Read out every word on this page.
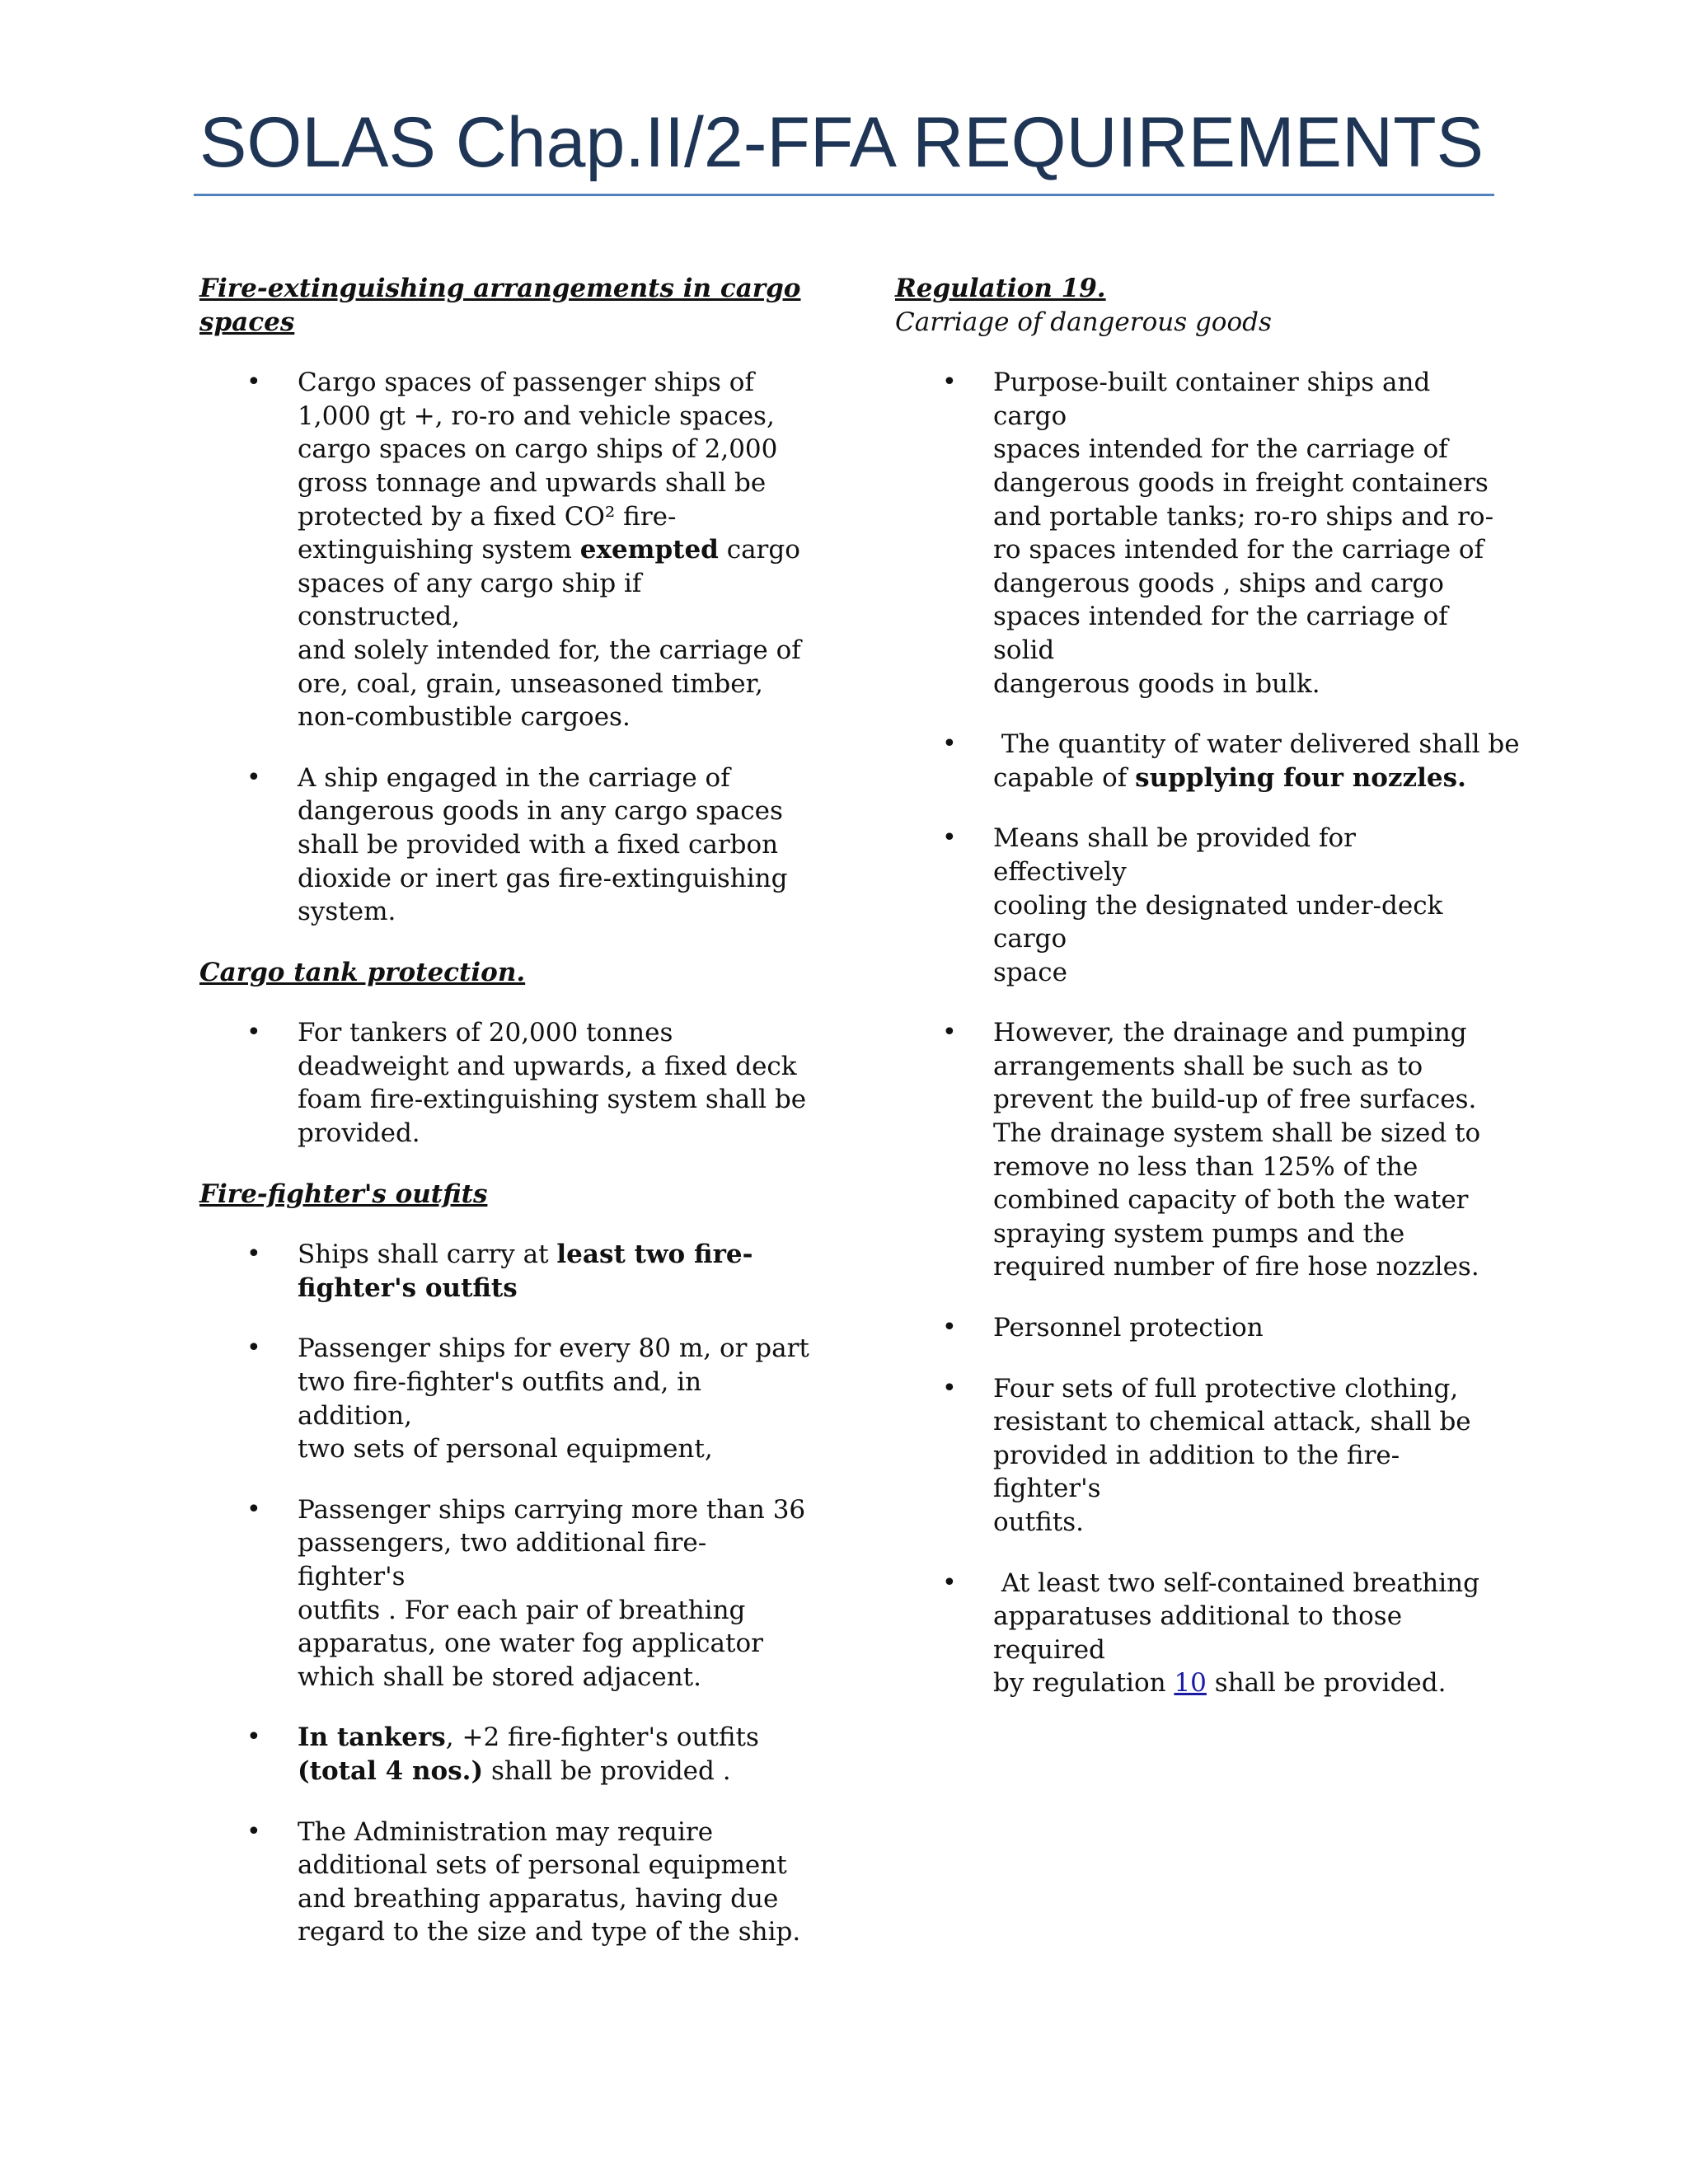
SOLAS Chap.II/2-FFA REQUIREMENTS

Fire-extinguishing arrangements in cargo
spaces

• Cargo spaces of passenger ships of
1,000 gt +, ro-ro and vehicle spaces,
cargo spaces on cargo ships of 2,000
gross tonnage and upwards shall be
protected by a fixed CO² fire-
extinguishing system exempted cargo
spaces of any cargo ship if constructed,
and solely intended for, the carriage of
ore, coal, grain, unseasoned timber,
non-combustible cargoes.
• A ship engaged in the carriage of
dangerous goods in any cargo spaces
shall be provided with a fixed carbon
dioxide or inert gas fire-extinguishing
system.

Cargo tank protection.

• For tankers of 20,000 tonnes
deadweight and upwards, a fixed deck
foam fire-extinguishing system shall be
provided.

Fire-fighter's outfits

• Ships shall carry at least two fire-
fighter's outfits
• Passenger ships for every 80 m, or part
two fire-fighter's outfits and, in addition,
two sets of personal equipment,
• Passenger ships carrying more than 36
passengers, two additional fire-fighter's
outfits . For each pair of breathing
apparatus, one water fog applicator
which shall be stored adjacent.
• In tankers, +2 fire-fighter's outfits
(total 4 nos.) shall be provided .
• The Administration may require
additional sets of personal equipment
and breathing apparatus, having due
regard to the size and type of the ship.

Regulation 19.

Carriage of dangerous goods

• Purpose-built container ships and cargo
spaces intended for the carriage of
dangerous goods in freight containers
and portable tanks; ro-ro ships and ro-
ro spaces intended for the carriage of
dangerous goods , ships and cargo
spaces intended for the carriage of solid
dangerous goods in bulk.
• The quantity of water delivered shall be
capable of supplying four nozzles.
• Means shall be provided for effectively
cooling the designated under-deck cargo
space
• However, the drainage and pumping
arrangements shall be such as to
prevent the build-up of free surfaces.
The drainage system shall be sized to
remove no less than 125% of the
combined capacity of both the water
spraying system pumps and the
required number of fire hose nozzles.
• Personnel protection
• Four sets of full protective clothing,
resistant to chemical attack, shall be
provided in addition to the fire-fighter's
outfits.
• At least two self-contained breathing
apparatuses additional to those required
by regulation 10 shall be provided.
